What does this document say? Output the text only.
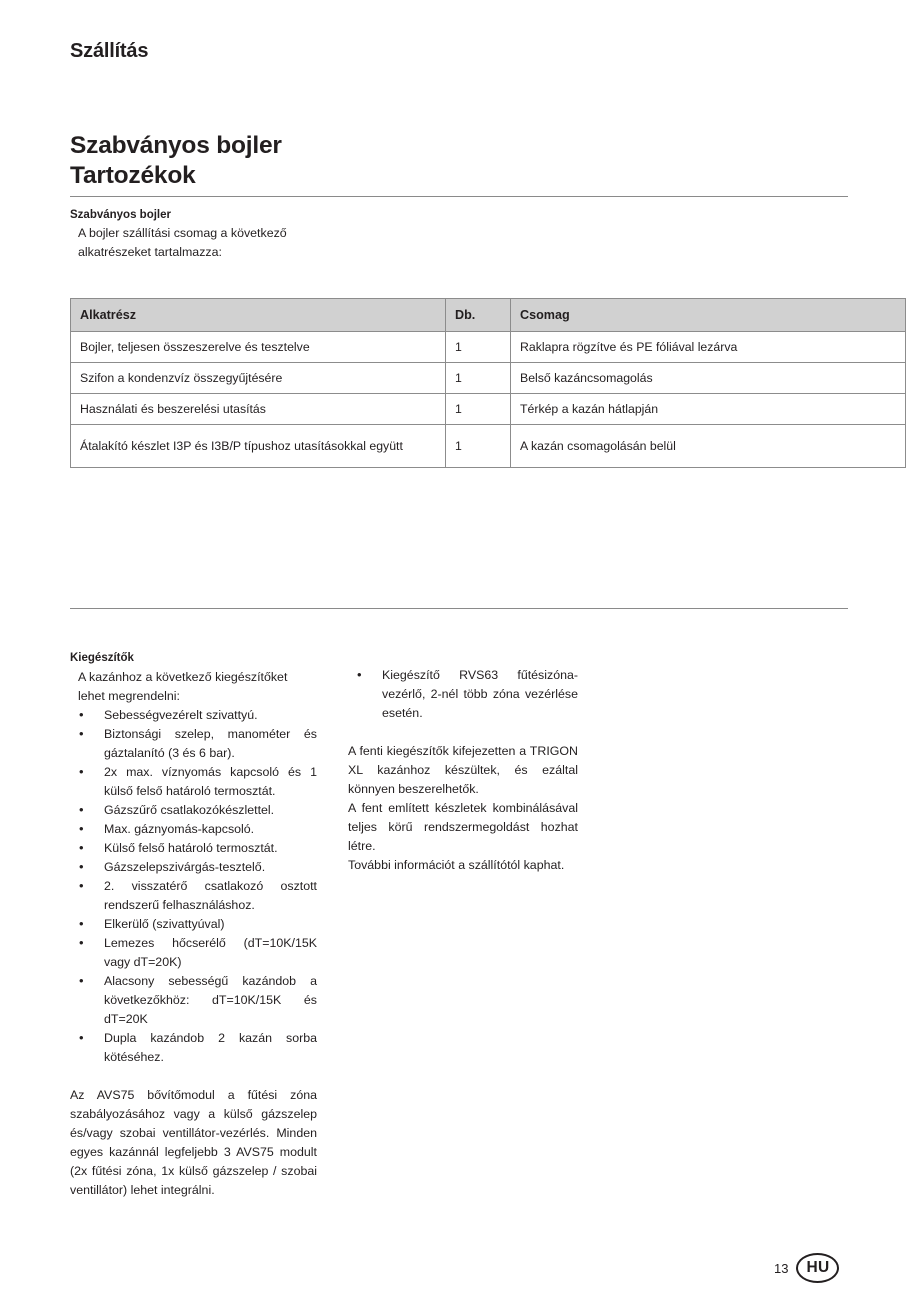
Szállítás
Szabványos bojler
Tartozékok
Szabványos bojler
A bojler szállítási csomag a következő
alkatrészeket tartalmazza:
Alkatrész	Db.	Csomag
Bojler, teljesen összeszerelve és tesztelve	1	Raklapra rögzítve és PE fóliával lezárva
Szifon a kondenzvíz összegyűjtésére	1	Belső kazáncsomagolás
Használati és beszerelési utasítás	1	Térkép a kazán hátlapján
Átalakító készlet I3P és I3B/P típushoz utasításokkal együtt	1	A kazán csomagolásán belül
Kiegészítők
A kazánhoz a következő kiegészítőket
lehet megrendelni:
• Sebességvezérelt szivattyú.
• Biztonsági szelep, manométer és gáztalanító (3 és 6 bar).
• 2x max. víznyomás kapcsoló és 1 külső felső határoló termosztát.
• Gázszűrő csatlakozókészlettel.
• Max. gáznyomás-kapcsoló.
• Külső felső határoló termosztát.
• Gázszelepszivárgás-tesztelő.
• 2. visszatérő csatlakozó osztott rendszerű felhasználáshoz.
• Elkerülő (szivattyúval)
• Lemezes hőcserélő (dT=10K/15K vagy dT=20K)
• Alacsony sebességű kazándob a következőkhöz: dT=10K/15K és dT=20K
• Dupla kazándob 2 kazán sorba kötéséhez.
Az AVS75 bővítőmodul a fűtési zóna szabályozásához vagy a külső gázszelep és/vagy szobai ventillátor-vezérlés. Minden egyes kazánnál legfeljebb 3 AVS75 modult (2x fűtési zóna, 1x külső gázszelep / szobai ventillátor) lehet integrálni.
• Kiegészítő RVS63 fűtésizóna-vezérlő, 2-nél több zóna vezérlése esetén.
A fenti kiegészítők kifejezetten a TRIGON XL kazánhoz készültek, és ezáltal könnyen beszerelhetők.
A fent említett készletek kombinálásával teljes körű rendszermegoldást hozhat létre.
További információt a szállítótól kaphat.
13	HU
